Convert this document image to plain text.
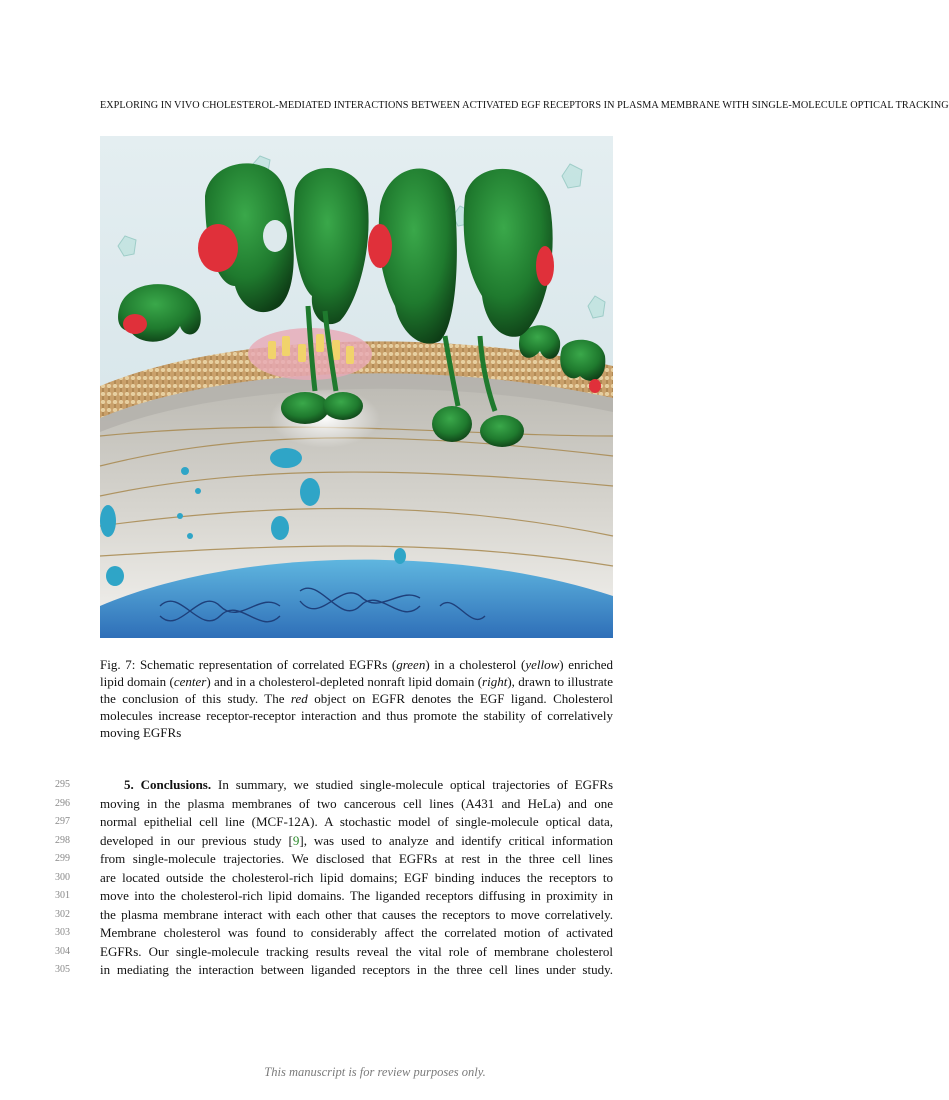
EXPLORING IN VIVO CHOLESTEROL-MEDIATED INTERACTIONS BETWEEN ACTIVATED EGF RECEPTORS IN PLASMA MEMBRANE WITH SINGLE-MOLECULE OPTICAL TRACKING
Fig. 7: Schematic representation of correlated EGFRs (green) in a cholesterol (yellow) enriched lipid domain (center) and in a cholesterol-depleted nonraft lipid domain (right), drawn to illustrate the conclusion of this study. The red object on EGFR denotes the EGF ligand. Cholesterol molecules increase receptor-receptor interaction and thus promote the stability of correlatively moving EGFRs
295	5. Conclusions. In summary, we studied single-molecule optical trajectories of EGFRs
296	moving in the plasma membranes of two cancerous cell lines (A431 and HeLa) and one
297	normal epithelial cell line (MCF-12A). A stochastic model of single-molecule optical data,
298	developed in our previous study [9], was used to analyze and identify critical information
299	from single-molecule trajectories. We disclosed that EGFRs at rest in the three cell lines
300	are located outside the cholesterol-rich lipid domains; EGF binding induces the receptors to
301	move into the cholesterol-rich lipid domains. The liganded receptors diffusing in proximity in
302	the plasma membrane interact with each other that causes the receptors to move correlatively.
303	Membrane cholesterol was found to considerably affect the correlated motion of activated
304	EGFRs. Our single-molecule tracking results reveal the vital role of membrane cholesterol
305	in mediating the interaction between liganded receptors in the three cell lines under study.
This manuscript is for review purposes only.
